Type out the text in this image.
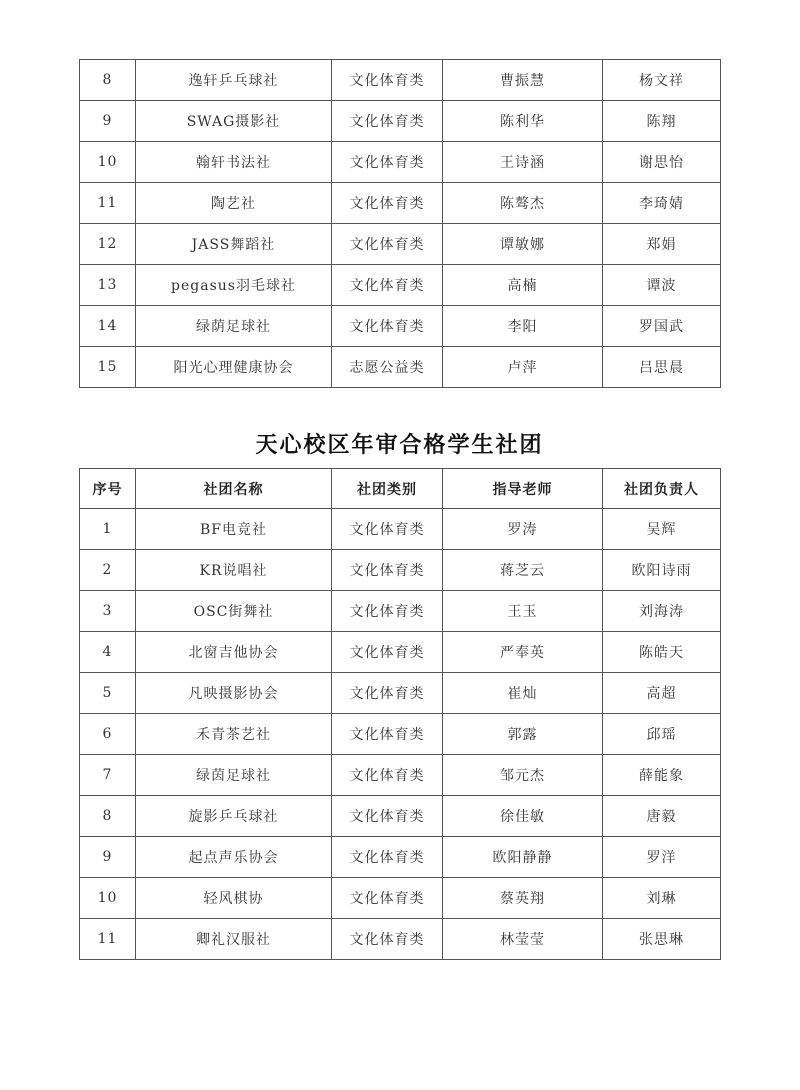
8	逸轩乒乓球社	文化体育类	曹振慧	杨文祥
9	SWAG摄影社	文化体育类	陈利华	陈翔
10	翰轩书法社	文化体育类	王诗涵	谢思怡
11	陶艺社	文化体育类	陈骜杰	李琦婧
12	JASS舞蹈社	文化体育类	谭敏娜	郑娟
13	pegasus羽毛球社	文化体育类	高楠	谭波
14	绿荫足球社	文化体育类	李阳	罗国武
15	阳光心理健康协会	志愿公益类	卢萍	吕思晨
天心校区年审合格学生社团
序号	社团名称	社团类别	指导老师	社团负责人
1	BF电竞社	文化体育类	罗涛	吴辉
2	KR说唱社	文化体育类	蒋芝云	欧阳诗雨
3	OSC街舞社	文化体育类	王玉	刘海涛
4	北窗吉他协会	文化体育类	严奉英	陈皓天
5	凡映摄影协会	文化体育类	崔灿	高超
6	禾青茶艺社	文化体育类	郭露	邱瑶
7	绿茵足球社	文化体育类	邹元杰	薛能象
8	旋影乒乓球社	文化体育类	徐佳敏	唐毅
9	起点声乐协会	文化体育类	欧阳静静	罗洋
10	轻风棋协	文化体育类	蔡英翔	刘琳
11	卿礼汉服社	文化体育类	林莹莹	张思琳
